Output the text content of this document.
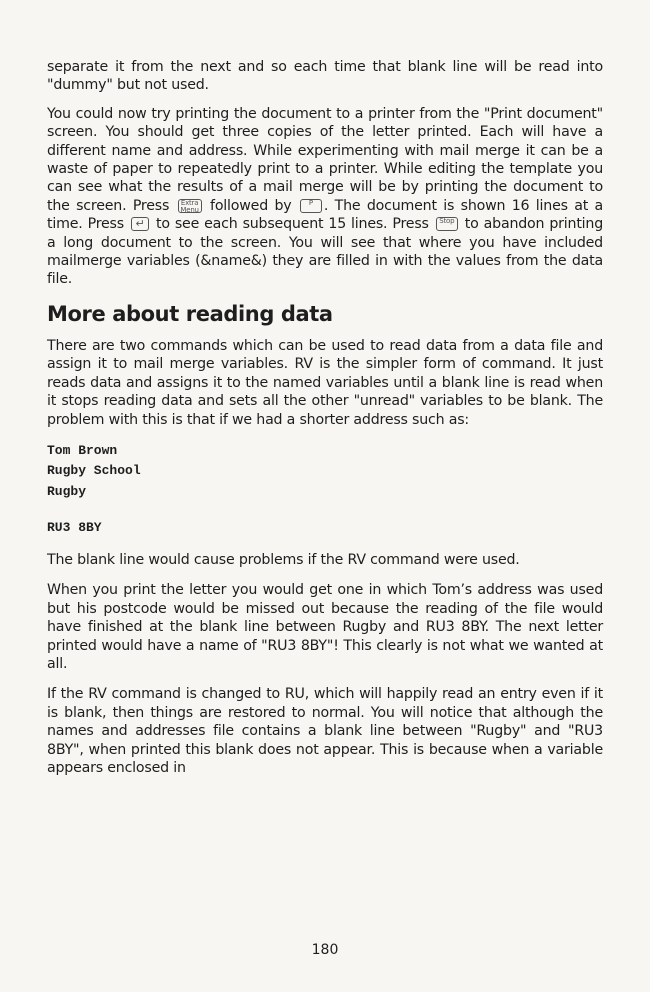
separate it from the next and so each time that blank line will be read into "dummy" but not used.

You could now try printing the document to a printer from the "Print document" screen. You should get three copies of the letter printed. Each will have a different name and address. While experimenting with mail merge it can be a waste of paper to repeatedly print to a printer. While editing the template you can see what the results of a mail merge will be by printing the document to the screen. Press Extra Menu followed by P . The document is shown 16 lines at a time. Press ↵ to see each subsequent 15 lines. Press Stop to abandon printing a long document to the screen. You will see that where you have included mailmerge variables (&name&) they are filled in with the values from the data file.

More about reading data

There are two commands which can be used to read data from a data file and assign it to mail merge variables. RV is the simpler form of command. It just reads data and assigns it to the named variables until a blank line is read when it stops reading data and sets all the other "unread" variables to be blank. The problem with this is that if we had a shorter address such as:

Tom Brown
Rugby School
Rugby
RU3 8BY

The blank line would cause problems if the RV command were used.

When you print the letter you would get one in which Tom’s address was used but his postcode would be missed out because the reading of the file would have finished at the blank line between Rugby and RU3 8BY. The next letter printed would have a name of "RU3 8BY"! This clearly is not what we wanted at all.

If the RV command is changed to RU, which will happily read an entry even if it is blank, then things are restored to normal. You will notice that although the names and addresses file contains a blank line between "Rugby" and "RU3 8BY", when printed this blank does not appear. This is because when a variable appears enclosed in

180
